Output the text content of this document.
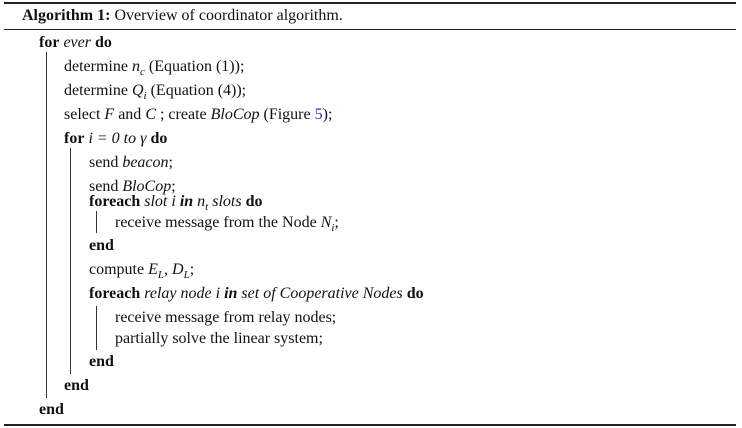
Algorithm 1: Overview of coordinator algorithm.
for ever do
determine $n_c$ (Equation (1));
determine $Q_i$ (Equation (4));
select F and C ; create BloCop (Figure 5);
for i = 0 to γ do
send beacon;
send BloCop;
foreach slot i in $n_t$ slots do
receive message from the Node $N_i$;
end
compute $E_L$, $D_L$;
foreach relay node i in set of Cooperative Nodes do
receive message from relay nodes;
partially solve the linear system;
end
end
end
